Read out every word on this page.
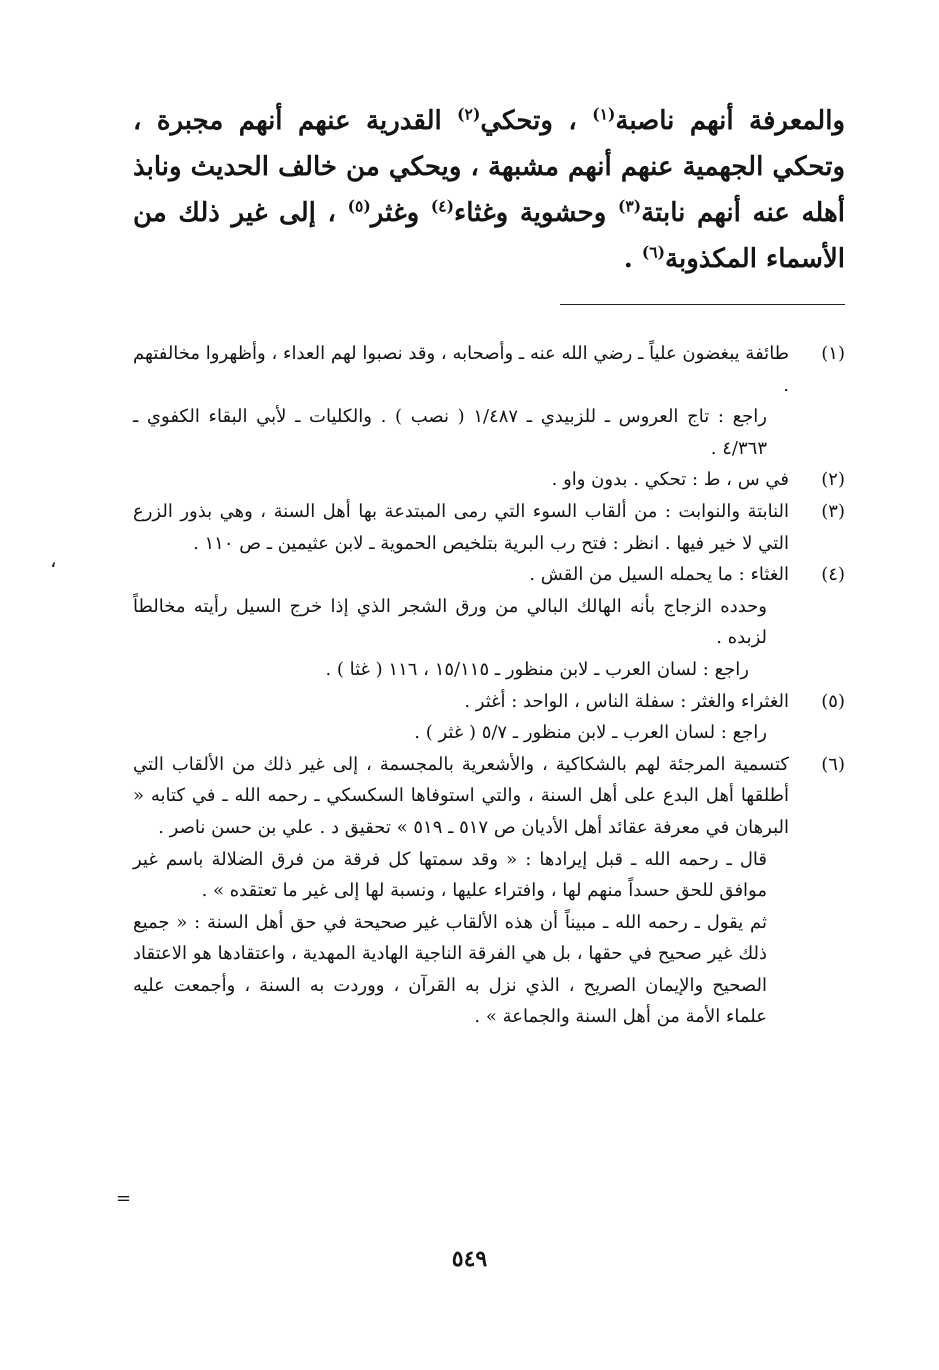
والمعرفة أنهم ناصبة$^{(١)}$ ، وتحكي$^{(٢)}$ القدرية عنهم أنهم مجبرة ، وتحكي الجهمية عنهم أنهم مشبهة ، ويحكي من خالف الحديث ونابذ أهله عنه أنهم نابتة$^{(٣)}$ وحشوية وغثاء$^{(٤)}$ وغثر$^{(٥)}$ ، إلى غير ذلك من الأسماء المكذوبة$^{(٦)}$ .
(١)
طائفة يبغضون علياً ـ رضي الله عنه ـ وأصحابه ، وقد نصبوا لهم العداء ، وأظهروا مخالفتهم .
راجع : تاج العروس ـ للزبيدي ـ ١/٤٨٧ ( نصب ) . والكليات ـ لأبي البقاء الكفوي ـ ٤/٣٦٣ .
(٢)
في س ، ط : تحكي . بدون واو .
(٣)
النابتة والنوابت : من ألقاب السوء التي رمى المبتدعة بها أهل السنة ، وهي بذور الزرع التي لا خير فيها . انظر : فتح رب البرية بتلخيص الحموية ـ لابن عثيمين ـ ص ١١٠ .
(٤)
الغثاء : ما يحمله السيل من القش .
وحدده الزجاج بأنه الهالك البالي من ورق الشجر الذي إذا خرج السيل رأيته مخالطاً لزبده .
راجع : لسان العرب ـ لابن منظور ـ ١٥/١١٥ ، ١١٦ ( غثا ) .
(٥)
الغثراء والغثر : سفلة الناس ، الواحد : أغثر .
راجع : لسان العرب ـ لابن منظور ـ ٥/٧ ( غثر ) .
(٦)
كتسمية المرجئة لهم بالشكاكية ، والأشعرية بالمجسمة ، إلى غير ذلك من الألقاب التي أطلقها أهل البدع على أهل السنة ، والتي استوفاها السكسكي ـ رحمه الله ـ في كتابه « البرهان في معرفة عقائد أهل الأديان ص ٥١٧ ـ ٥١٩ » تحقيق د . علي بن حسن ناصر .
قال ـ رحمه الله ـ قبل إيرادها : « وقد سمتها كل فرقة من فرق الضلالة باسم غير موافق للحق حسداً منهم لها ، وافتراء عليها ، ونسبة لها إلى غير ما تعتقده » .
ثم يقول ـ رحمه الله ـ مبيناً أن هذه الألقاب غير صحيحة في حق أهل السنة : « جميع ذلك غير صحيح في حقها ، بل هي الفرقة الناجية الهادية المهدية ، واعتقادها هو الاعتقاد الصحيح والإيمان الصريح ، الذي نزل به القرآن ، ووردت به السنة ، وأجمعت عليه علماء الأمة من أهل السنة والجماعة » .
،
=
٥٤٩
